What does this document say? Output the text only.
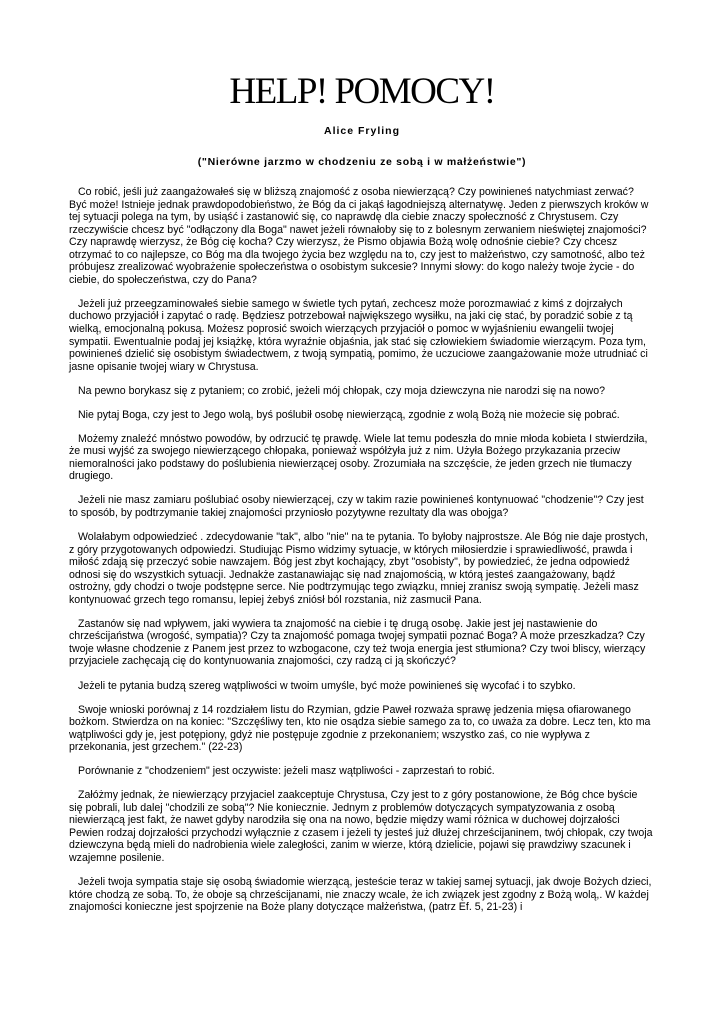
HELP! POMOCY!
Alice Fryling
("Nierówne jarzmo w chodzeniu ze sobą i w małżeństwie")

Co robić, jeśli już zaangażowałeś się w bliższą znajomość z osoba niewierzącą? Czy powinieneś natychmiast zerwać? Być może! Istnieje jednak prawdopodobieństwo, że Bóg da ci jakąś łagodniejszą alternatywę. Jeden z pierwszych kroków w tej sytuacji polega na tym, by usiąść i zastanowić się, co naprawdę dla ciebie znaczy społeczność z Chrystusem. Czy rzeczywiście chcesz być "odłączony dla Boga" nawet jeżeli równałoby się to z bolesnym zerwaniem nieświętej znajomości? Czy naprawdę wierzysz, że Bóg cię kocha? Czy wierzysz, że Pismo objawia Bożą wolę odnośnie ciebie? Czy chcesz otrzymać to co najlepsze, co Bóg ma dla twojego życia bez względu na to, czy jest to małżeństwo, czy samotność, albo też próbujesz zrealizować wyobrażenie społeczeństwa o osobistym sukcesie? Innymi słowy: do kogo należy twoje życie - do ciebie, do społeczeństwa, czy do Pana?

Jeżeli już przeegzaminowałeś siebie samego w świetle tych pytań, zechcesz może porozmawiać z kimś z dojrzałych duchowo przyjaciół i zapytać o radę. Będziesz potrzebował największego wysiłku, na jaki cię stać, by poradzić sobie z tą wielką, emocjonalną pokusą. Możesz poprosić swoich wierzących przyjaciół o pomoc w wyjaśnieniu ewangelii twojej sympatii. Ewentualnie podaj jej książkę, która wyraźnie objaśnia, jak stać się człowiekiem świadomie wierzącym. Poza tym, powinieneś dzielić się osobistym świadectwem, z twoją sympatią, pomimo, że uczuciowe zaangażowanie może utrudniać ci jasne opisanie twojej wiary w Chrystusa.

Na pewno borykasz się z pytaniem; co zrobić, jeżeli mój chłopak, czy moja dziewczyna nie narodzi się na nowo?

Nie pytaj Boga, czy jest to Jego wolą, byś poślubił osobę niewierzącą, zgodnie z wolą Bożą nie możecie się pobrać.

Możemy znaleźć mnóstwo powodów, by odrzucić tę prawdę. Wiele lat temu podeszła do mnie młoda kobieta I stwierdziła, że musi wyjść za swojego niewierzącego chłopaka, ponieważ współżyła już z nim. Użyła Bożego przykazania przeciw niemoralności jako podstawy do poślubienia niewierzącej osoby. Zrozumiała na szczęście, że jeden grzech nie tłumaczy drugiego.

Jeżeli nie masz zamiaru poślubiać osoby niewierzącej, czy w takim razie powinieneś kontynuować "chodzenie"? Czy jest to sposób, by podtrzymanie takiej znajomości przyniosło pozytywne rezultaty dla was obojga?

Wolałabym odpowiedzieć . zdecydowanie "tak", albo "nie" na te pytania. To byłoby najprostsze. Ale Bóg nie daje prostych, z góry przygotowanych odpowiedzi. Studiując Pismo widzimy sytuacje, w których miłosierdzie i sprawiedliwość, prawda i miłość zdają się przeczyć sobie nawzajem. Bóg jest zbyt kochający, zbyt "osobisty", by powiedzieć, że jedna odpowiedź odnosi się do wszystkich sytuacji. Jednakże zastanawiając się nad znajomością, w którą jesteś zaangażowany, bądź ostrożny, gdy chodzi o twoje podstępne serce. Nie podtrzymując tego związku, mniej zranisz swoją sympatię. Jeżeli masz kontynuować grzech tego romansu, lepiej żebyś zniósł ból rozstania, niż zasmucił Pana.

Zastanów się nad wpływem, jaki wywiera ta znajomość na ciebie i tę drugą osobę. Jakie jest jej nastawienie do chrześcijaństwa (wrogość, sympatia)? Czy ta znajomość pomaga twojej sympatii poznać Boga? A może przeszkadza? Czy twoje własne chodzenie z Panem jest przez to wzbogacone, czy też twoja energia jest stłumiona? Czy twoi bliscy, wierzący przyjaciele zachęcają cię do kontynuowania znajomości, czy radzą ci ją skończyć?

Jeżeli te pytania budzą szereg wątpliwości w twoim umyśle, być może powinieneś się wycofać i to szybko.

Swoje wnioski porównaj z 14 rozdziałem listu do Rzymian, gdzie Paweł rozważa sprawę jedzenia mięsa ofiarowanego bożkom. Stwierdza on na koniec: "Szczęśliwy ten, kto nie osądza siebie samego za to, co uważa za dobre. Lecz ten, kto ma wątpliwości gdy je, jest potępiony, gdyż nie postępuje zgodnie z przekonaniem; wszystko zaś, co nie wypływa z przekonania, jest grzechem." (22-23)

Porównanie z "chodzeniem" jest oczywiste: jeżeli masz wątpliwości - zaprzestań to robić.

Załóżmy jednak, że niewierzący przyjaciel zaakceptuje Chrystusa, Czy jest to z góry postanowione, że Bóg chce byście się pobrali, lub dalej "chodzili ze sobą"? Nie koniecznie. Jednym z problemów dotyczących sympatyzowania z osobą niewierzącą jest fakt, że nawet gdyby narodziła się ona na nowo, będzie między wami różnica w duchowej dojrzałości Pewien rodzaj dojrzałości przychodzi wyłącznie z czasem i jeżeli ty jesteś już dłużej chrześcijaninem, twój chłopak, czy twoja dziewczyna będą mieli do nadrobienia wiele zaległości, zanim w wierze, którą dzielicie, pojawi się prawdziwy szacunek i wzajemne posilenie.

Jeżeli twoja sympatia staje się osobą świadomie wierzącą, jesteście teraz w takiej samej sytuacji, jak dwoje Bożych dzieci, które chodzą ze sobą. To, że oboje są chrześcijanami, nie znaczy wcale, że ich związek jest zgodny z Bożą wolą,. W każdej znajomości konieczne jest spojrzenie na Boże plany dotyczące małżeństwa, (patrz Ef. 5, 21-23) i
